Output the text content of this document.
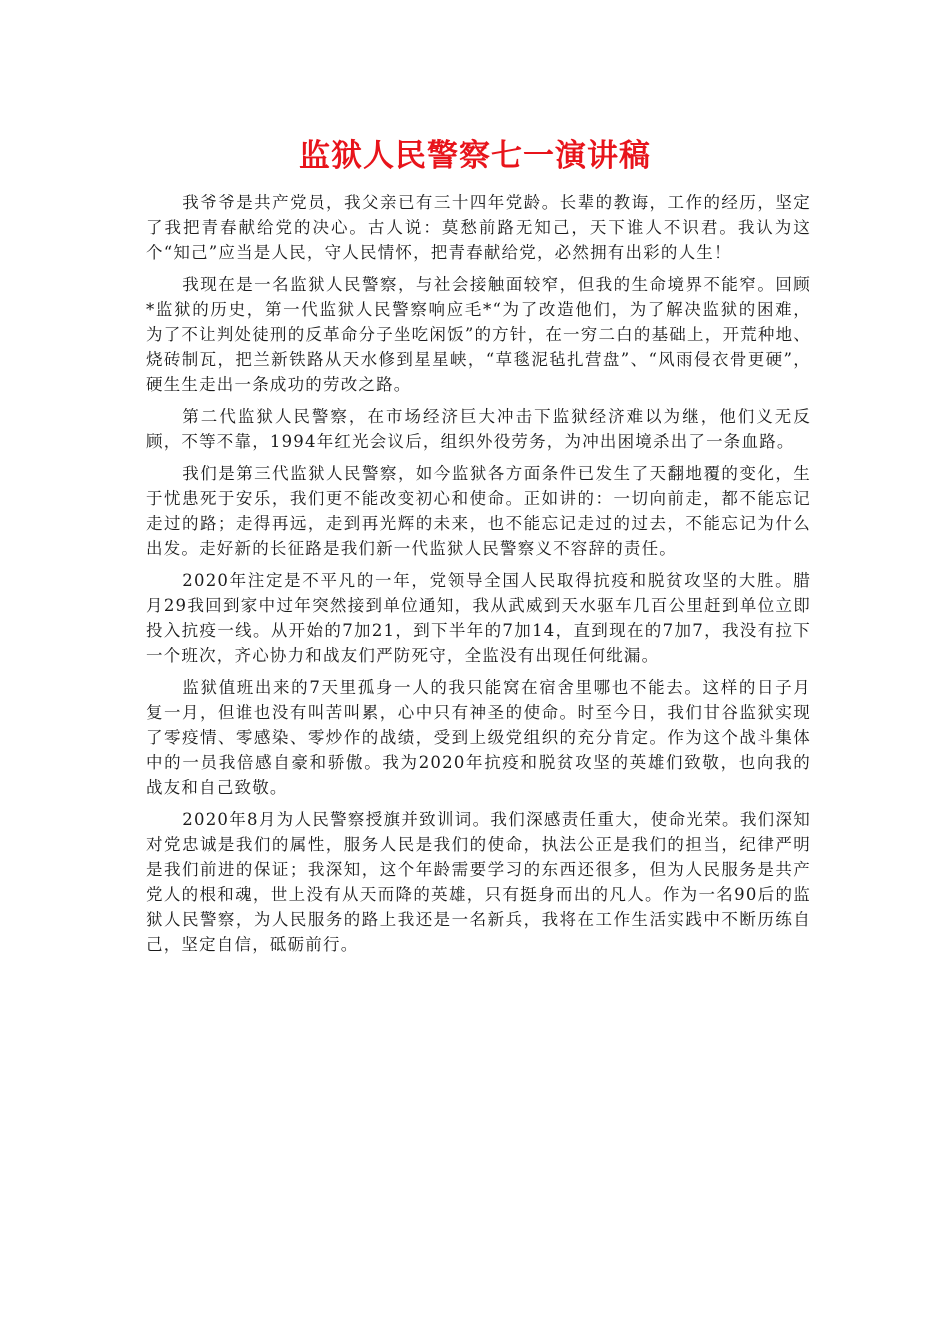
监狱人民警察七一演讲稿

我爷爷是共产党员，我父亲已有三十四年党龄。长辈的教诲，工作的经历，坚定了我把青春献给党的决心。古人说：莫愁前路无知己，天下谁人不识君。我认为这个“知己”应当是人民，守人民情怀，把青春献给党，必然拥有出彩的人生！

我现在是一名监狱人民警察，与社会接触面较窄，但我的生命境界不能窄。回顾*监狱的历史，第一代监狱人民警察响应毛*“为了改造他们，为了解决监狱的困难，为了不让判处徒刑的反革命分子坐吃闲饭”的方针，在一穷二白的基础上，开荒种地、烧砖制瓦，把兰新铁路从天水修到星星峡，“草毯泥毡扎营盘”、“风雨侵衣骨更硬”，硬生生走出一条成功的劳改之路。

第二代监狱人民警察，在市场经济巨大冲击下监狱经济难以为继，他们义无反顾，不等不靠，1994年红光会议后，组织外役劳务，为冲出困境杀出了一条血路。

我们是第三代监狱人民警察，如今监狱各方面条件已发生了天翻地覆的变化，生于忧患死于安乐，我们更不能改变初心和使命。正如讲的：一切向前走，都不能忘记走过的路；走得再远，走到再光辉的未来，也不能忘记走过的过去，不能忘记为什么出发。走好新的长征路是我们新一代监狱人民警察义不容辞的责任。

2020年注定是不平凡的一年，党领导全国人民取得抗疫和脱贫攻坚的大胜。腊月29我回到家中过年突然接到单位通知，我从武威到天水驱车几百公里赶到单位立即投入抗疫一线。从开始的7加21，到下半年的7加14，直到现在的7加7，我没有拉下一个班次，齐心协力和战友们严防死守，全监没有出现任何纰漏。

监狱值班出来的7天里孤身一人的我只能窝在宿舍里哪也不能去。这样的日子月复一月，但谁也没有叫苦叫累，心中只有神圣的使命。时至今日，我们甘谷监狱实现了零疫情、零感染、零炒作的战绩，受到上级党组织的充分肯定。作为这个战斗集体中的一员我倍感自豪和骄傲。我为2020年抗疫和脱贫攻坚的英雄们致敬，也向我的战友和自己致敬。

2020年8月为人民警察授旗并致训词。我们深感责任重大，使命光荣。我们深知对党忠诚是我们的属性，服务人民是我们的使命，执法公正是我们的担当，纪律严明是我们前进的保证；我深知，这个年龄需要学习的东西还很多，但为人民服务是共产党人的根和魂，世上没有从天而降的英雄，只有挺身而出的凡人。作为一名90后的监狱人民警察，为人民服务的路上我还是一名新兵，我将在工作生活实践中不断历练自己，坚定自信，砥砺前行。
